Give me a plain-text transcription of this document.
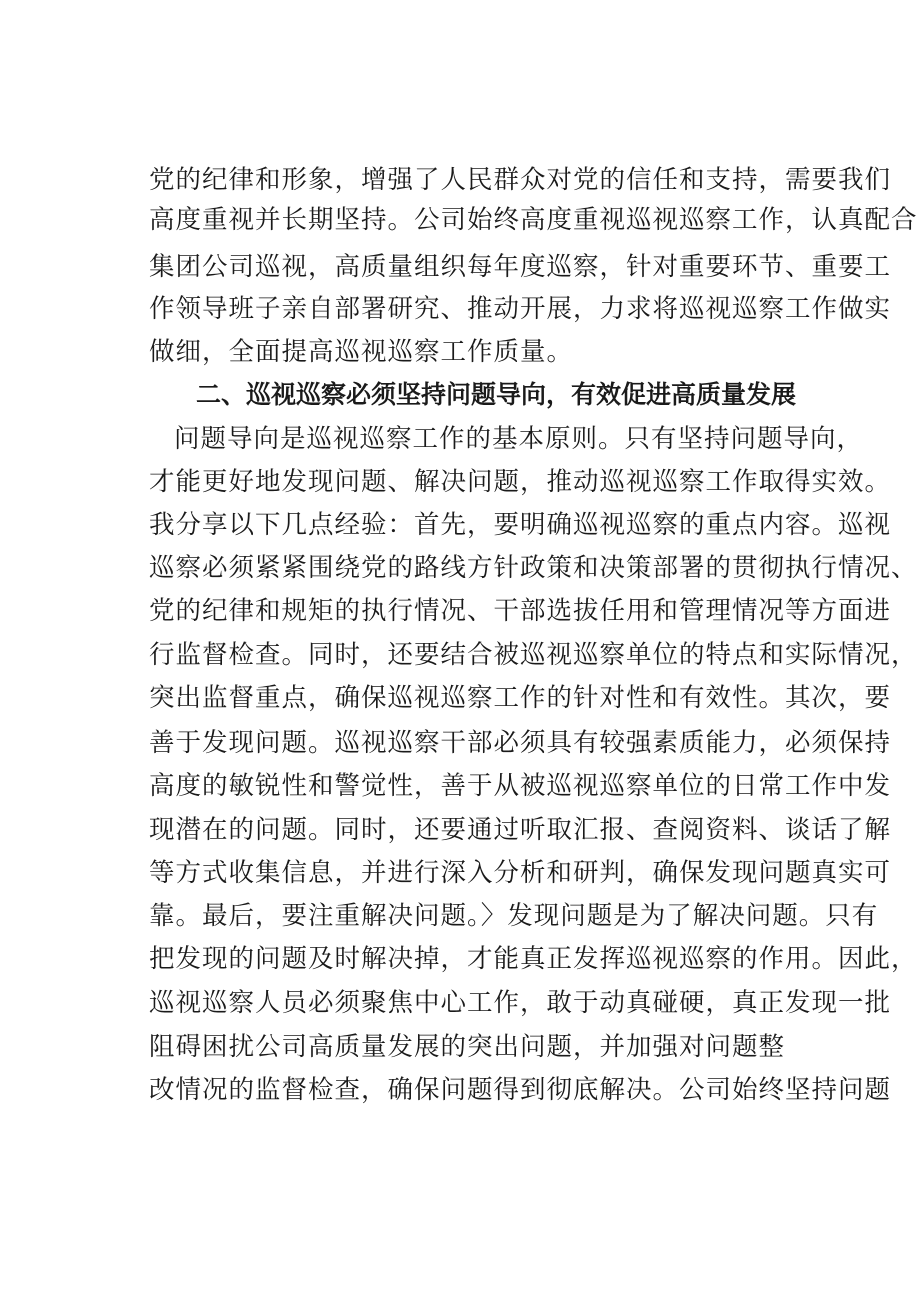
党的纪律和形象，增强了人民群众对党的信任和支持，需要我们
高度重视并长期坚持。公司始终高度重视巡视巡察工作，认真配合
集团公司巡视，高质量组织每年度巡察，针对重要环节、重要工
作领导班子亲自部署研究、推动开展，力求将巡视巡察工作做实
做细，全面提高巡视巡察工作质量。
二、巡视巡察必须坚持问题导向，有效促进高质量发展
问题导向是巡视巡察工作的基本原则。只有坚持问题导向，
才能更好地发现问题、解决问题，推动巡视巡察工作取得实效。
我分享以下几点经验：首先，要明确巡视巡察的重点内容。巡视
巡察必须紧紧围绕党的路线方针政策和决策部署的贯彻执行情况、
党的纪律和规矩的执行情况、干部选拔任用和管理情况等方面进
行监督检查。同时，还要结合被巡视巡察单位的特点和实际情况，
突出监督重点，确保巡视巡察工作的针对性和有效性。其次，要
善于发现问题。巡视巡察干部必须具有较强素质能力，必须保持
高度的敏锐性和警觉性，善于从被巡视巡察单位的日常工作中发
现潜在的问题。同时，还要通过听取汇报、查阅资料、谈话了解
等方式收集信息，并进行深入分析和研判，确保发现问题真实可
靠。最后，要注重解决问题。〉发现问题是为了解决问题。只有
把发现的问题及时解决掉，才能真正发挥巡视巡察的作用。因此，
巡视巡察人员必须聚焦中心工作，敢于动真碰硬，真正发现一批
阻碍困扰公司高质量发展的突出问题，并加强对问题整
改情况的监督检查，确保问题得到彻底解决。公司始终坚持问题
